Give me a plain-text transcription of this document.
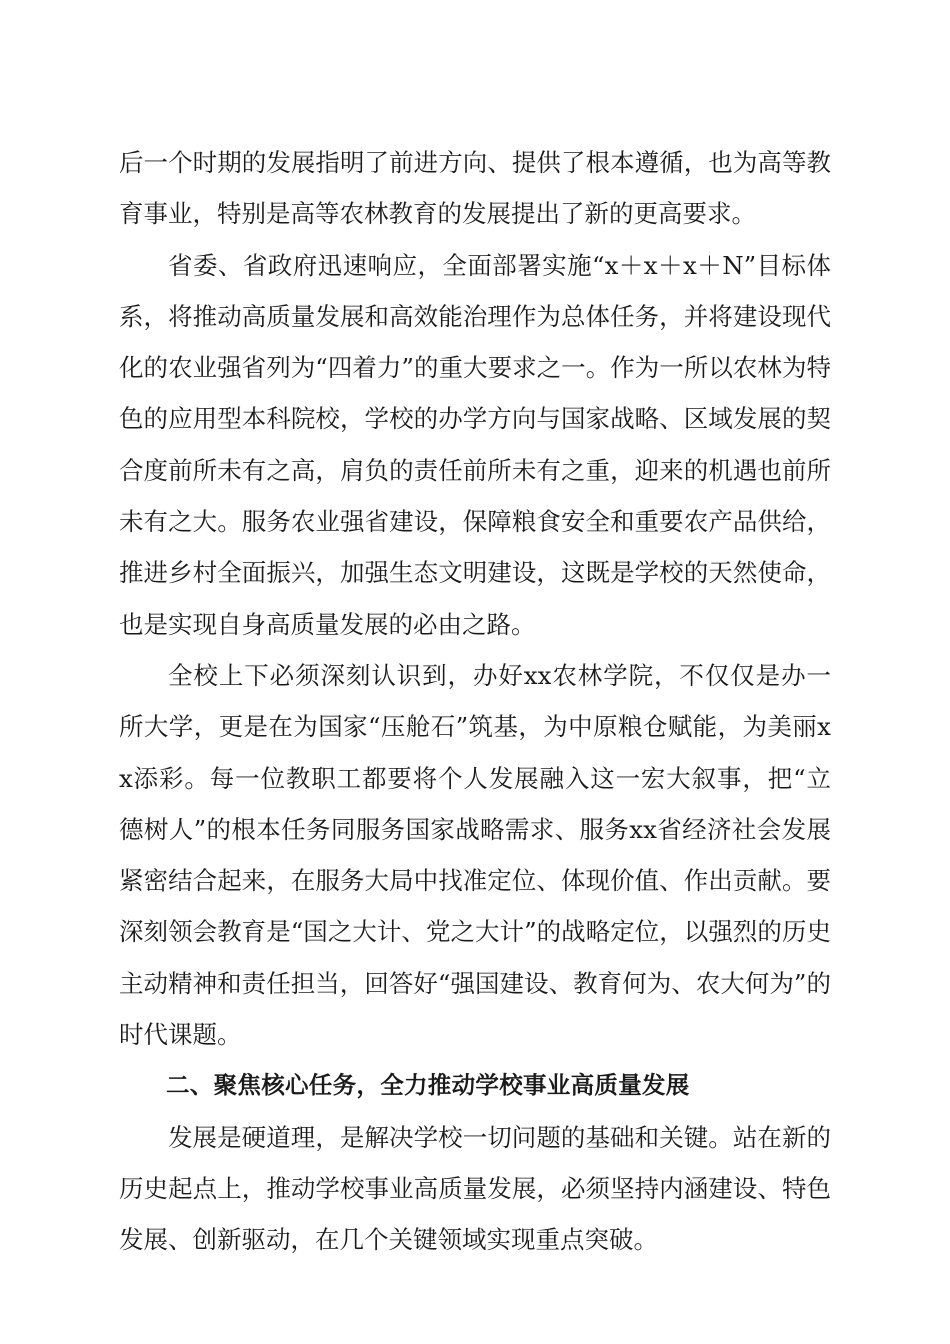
后一个时期的发展指明了前进方向、提供了根本遵循，也为高等教育事业，特别是高等农林教育的发展提出了新的更高要求。

省委、省政府迅速响应，全面部署实施“x＋x＋x＋N”目标体系，将推动高质量发展和高效能治理作为总体任务，并将建设现代化的农业强省列为“四着力”的重大要求之一。作为一所以农林为特色的应用型本科院校，学校的办学方向与国家战略、区域发展的契合度前所未有之高，肩负的责任前所未有之重，迎来的机遇也前所未有之大。服务农业强省建设，保障粮食安全和重要农产品供给，推进乡村全面振兴，加强生态文明建设，这既是学校的天然使命，也是实现自身高质量发展的必由之路。

全校上下必须深刻认识到，办好xx农林学院，不仅仅是办一所大学，更是在为国家“压舱石”筑基，为中原粮仓赋能，为美丽xx添彩。每一位教职工都要将个人发展融入这一宏大叙事，把“立德树人”的根本任务同服务国家战略需求、服务xx省经济社会发展紧密结合起来，在服务大局中找准定位、体现价值、作出贡献。要深刻领会教育是“国之大计、党之大计”的战略定位，以强烈的历史主动精神和责任担当，回答好“强国建设、教育何为、农大何为”的时代课题。

二、聚焦核心任务，全力推动学校事业高质量发展

发展是硬道理，是解决学校一切问题的基础和关键。站在新的历史起点上，推动学校事业高质量发展，必须坚持内涵建设、特色发展、创新驱动，在几个关键领域实现重点突破。
